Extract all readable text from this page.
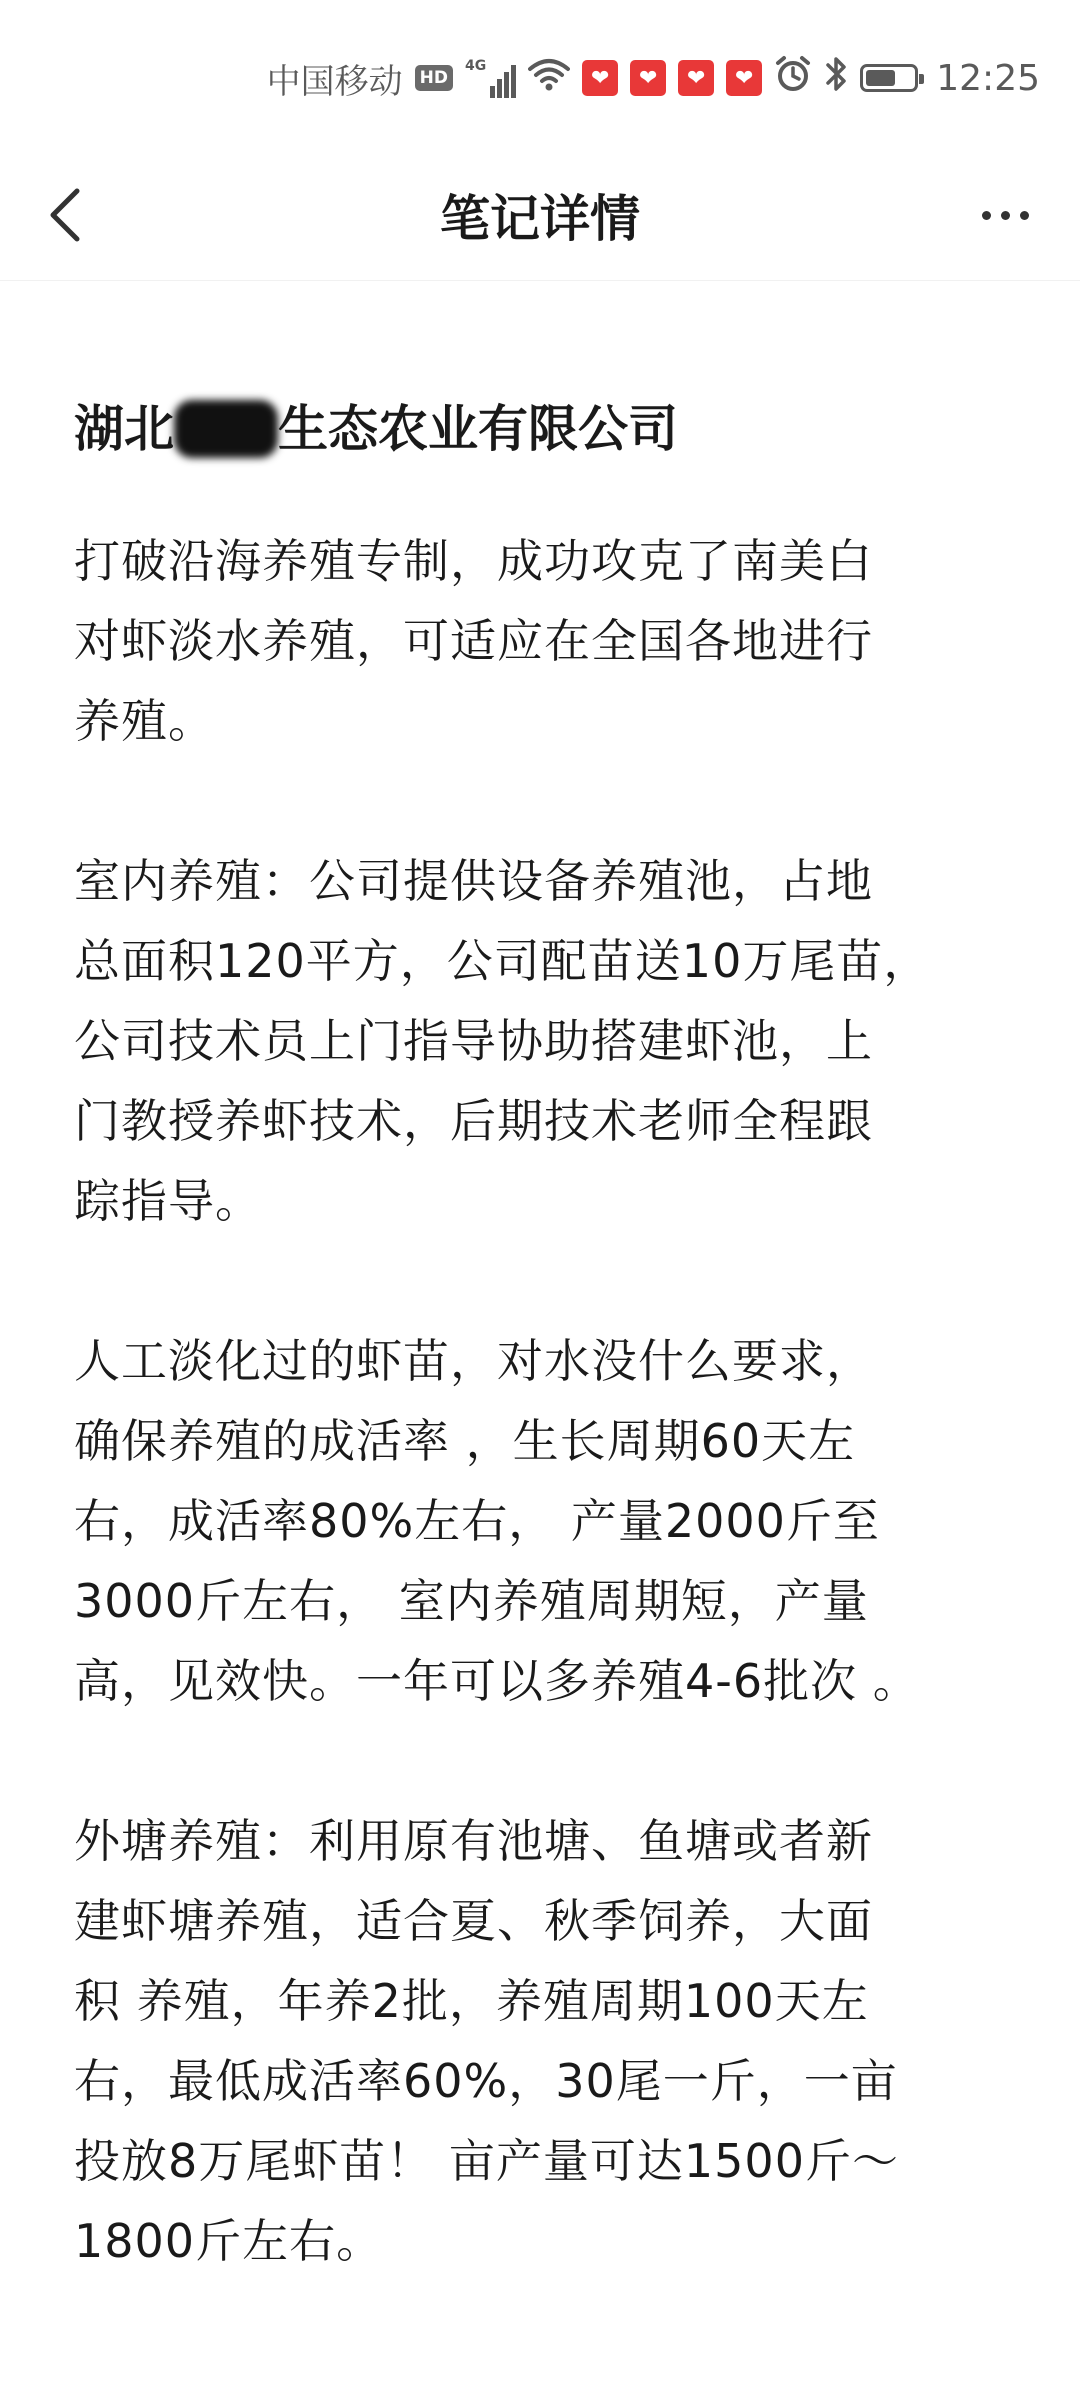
中国移动 HD
4G	❤	❤	❤	❤	12:25
笔记详情
湖北 生态农业有限公司

打破沿海养殖专制，成功攻克了南美白
对虾淡水养殖，可适应在全国各地进行
养殖。

室内养殖：公司提供设备养殖池，占地
总面积120平方，公司配苗送10万尾苗，
公司技术员上门指导协助搭建虾池，上
门教授养虾技术，后期技术老师全程跟
踪指导。

人工淡化过的虾苗，对水没什么要求，
确保养殖的成活率 ，生长周期60天左
右，成活率80%左右， 产量2000斤至
3000斤左右， 室内养殖周期短，产量
高，见效快。一年可以多养殖4-6批次 。

外塘养殖：利用原有池塘、鱼塘或者新
建虾塘养殖，适合夏、秋季饲养，大面
积 养殖，年养2批，养殖周期100天左
右，最低成活率60%，30尾一斤，一亩
投放8万尾虾苗！ 亩产量可达1500斤～
1800斤左右。
